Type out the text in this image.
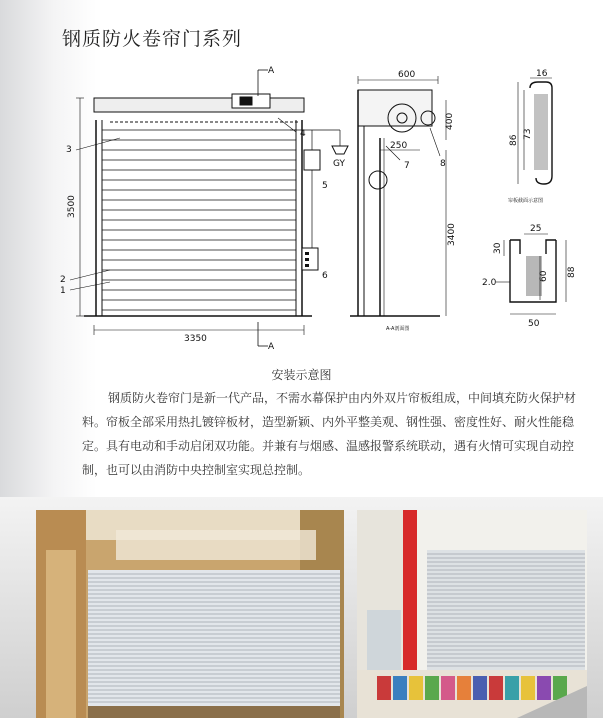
钢质防火卷帘门系列
A
A
3500
3350
3
2
1
4
5
6
GY
600
400
250
3400
7	8
A-A剖面图
16
73
86
帘板截面示意图
25
30
60 88
50
2.0
安装示意图

钢质防火卷帘门是新一代产品，不需水幕保护由内外双片帘板组成，中间填充防火保护材料。帘板全部采用热扎镀锌板材，造型新颖、内外平整美观、钢性强、密度性好、耐火性能稳定。具有电动和手动启闭双功能。并兼有与烟感、温感报警系统联动，遇有火情可实现自动控制，也可以由消防中央控制室实现总控制。
